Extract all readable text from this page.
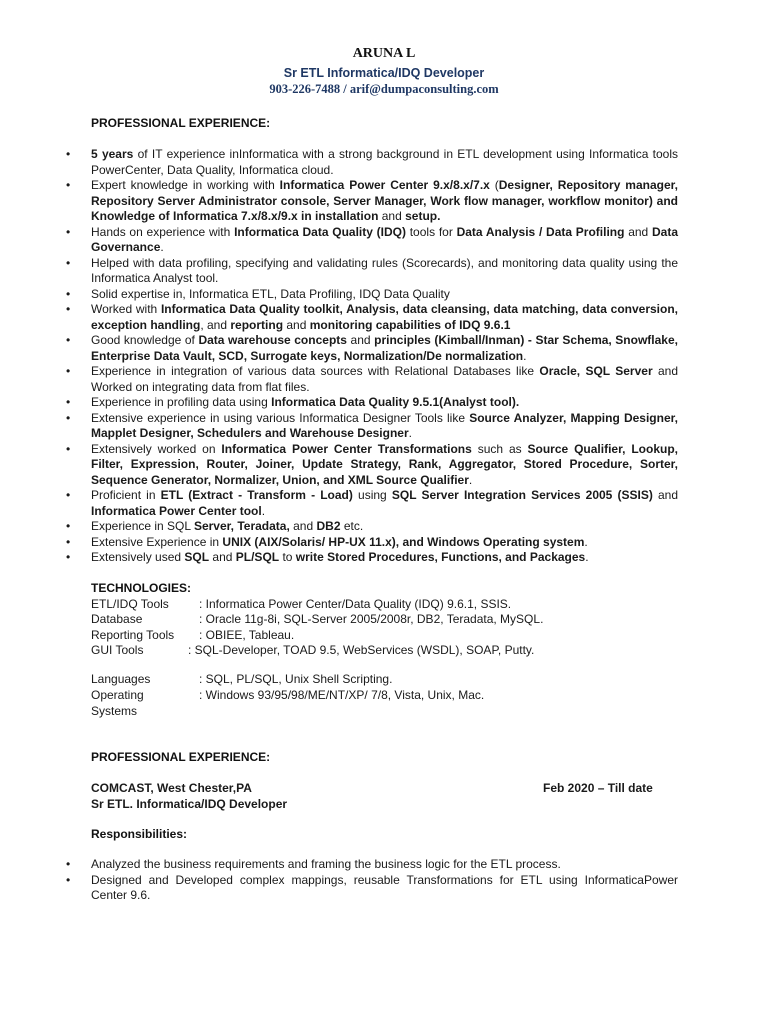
ARUNA L
Sr ETL Informatica/IDQ Developer
903-226-7488 / arif@dumpaconsulting.com
PROFESSIONAL EXPERIENCE:
• 5 years of IT experience inInformatica with a strong background in ETL development using Informatica tools PowerCenter, Data Quality, Informatica cloud.
• Expert knowledge in working with Informatica Power Center 9.x/8.x/7.x (Designer, Repository manager, Repository Server Administrator console, Server Manager, Work flow manager, workflow monitor) and Knowledge of Informatica 7.x/8.x/9.x in installation and setup.
• Hands on experience with Informatica Data Quality (IDQ) tools for Data Analysis / Data Profiling and Data Governance.
• Helped with data profiling, specifying and validating rules (Scorecards), and monitoring data quality using the Informatica Analyst tool.
• Solid expertise in, Informatica ETL, Data Profiling, IDQ Data Quality
• Worked with Informatica Data Quality toolkit, Analysis, data cleansing, data matching, data conversion, exception handling, and reporting and monitoring capabilities of IDQ 9.6.1
• Good knowledge of Data warehouse concepts and principles (Kimball/Inman) - Star Schema, Snowflake, Enterprise Data Vault, SCD, Surrogate keys, Normalization/De normalization.
• Experience in integration of various data sources with Relational Databases like Oracle, SQL Server and Worked on integrating data from flat files.
• Experience in profiling data using Informatica Data Quality 9.5.1(Analyst tool).
• Extensive experience in using various Informatica Designer Tools like Source Analyzer, Mapping Designer, Mapplet Designer, Schedulers and Warehouse Designer.
• Extensively worked on Informatica Power Center Transformations such as Source Qualifier, Lookup, Filter, Expression, Router, Joiner, Update Strategy, Rank, Aggregator, Stored Procedure, Sorter, Sequence Generator, Normalizer, Union, and XML Source Qualifier.
• Proficient in ETL (Extract - Transform - Load) using SQL Server Integration Services 2005 (SSIS) and Informatica Power Center tool.
• Experience in SQL Server, Teradata, and DB2 etc.
• Extensive Experience in UNIX (AIX/Solaris/ HP-UX 11.x), and Windows Operating system.
• Extensively used SQL and PL/SQL to write Stored Procedures, Functions, and Packages.
TECHNOLOGIES:
ETL/IDQ Tools	: Informatica Power Center/Data Quality (IDQ) 9.6.1, SSIS.
Database	: Oracle 11g-8i, SQL-Server 2005/2008r, DB2, Teradata, MySQL.
Reporting Tools : OBIEE, Tableau.
GUI Tools	: SQL-Developer, TOAD 9.5, WebServices (WSDL), SOAP, Putty.
Languages	: SQL, PL/SQL, Unix Shell Scripting.
Operating	: Windows 93/95/98/ME/NT/XP/ 7/8, Vista, Unix, Mac.
Systems
PROFESSIONAL EXPERIENCE:
COMCAST, West Chester,PA	Feb 2020 – Till date
Sr ETL. Informatica/IDQ Developer
Responsibilities:
• Analyzed the business requirements and framing the business logic for the ETL process.
• Designed and Developed complex mappings, reusable Transformations for ETL using InformaticaPower Center 9.6.
